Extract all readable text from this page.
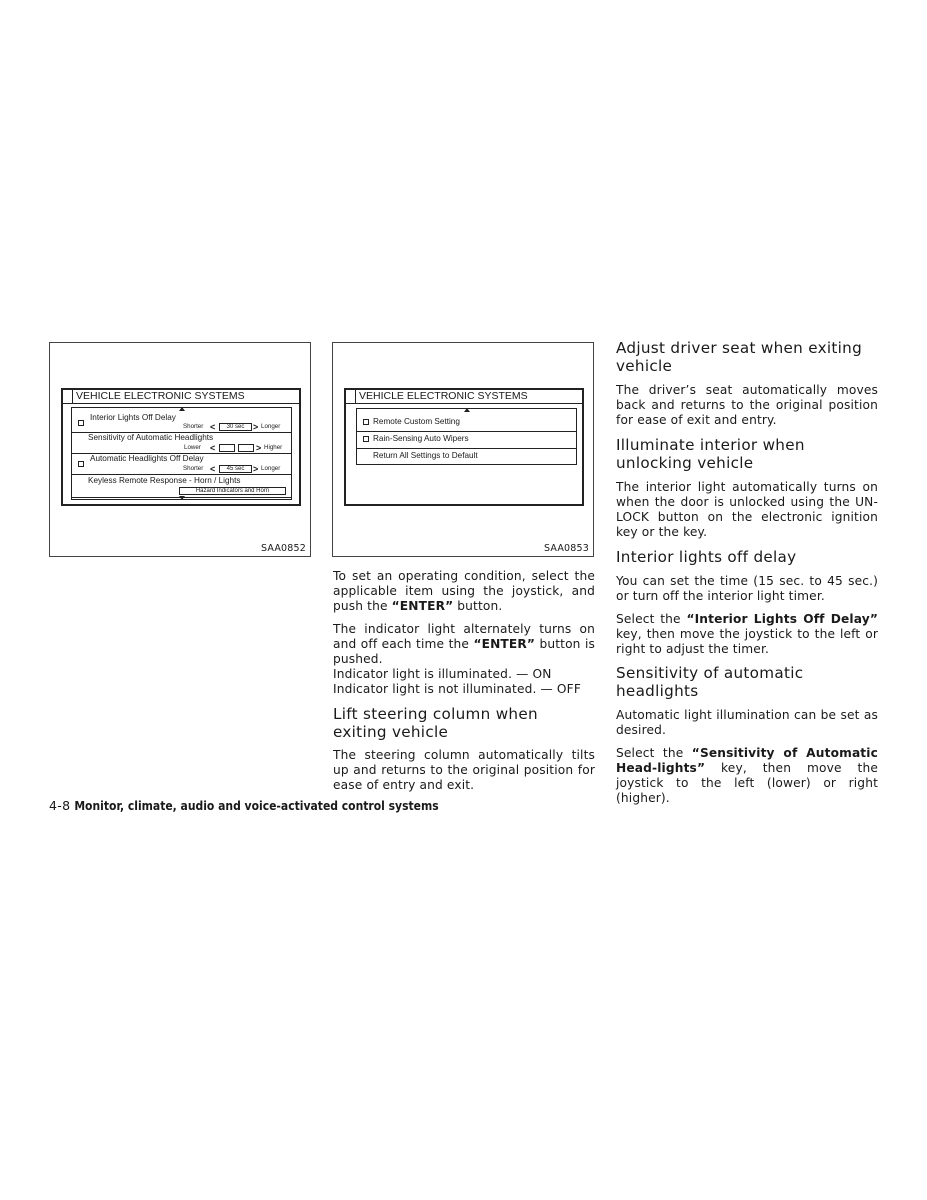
VEHICLE ELECTRONIC SYSTEMS
Interior Lights Off Delay
Shorter <	30 sec > Longer
Sensitivity of Automatic Headlights
Lower <	> Higher
Automatic Headlights Off Delay
Shorter <	45 sec > Longer
Keyless Remote Response - Horn / Lights
Hazard Indicators and Horn
SAA0852
VEHICLE ELECTRONIC SYSTEMS
Remote Custom Setting
Rain-Sensing Auto Wipers
Return All Settings to Default
SAA0853
To set an operating condition, select the applicable item using the joystick, and push the “ENTER” button.
The indicator light alternately turns on and off each time the “ENTER” button is pushed.
Indicator light is illuminated. — ON
Indicator light is not illuminated. — OFF
Lift steering column when exiting vehicle
The steering column automatically tilts up and returns to the original position for ease of entry and exit.
Adjust driver seat when exiting vehicle
The driver’s seat automatically moves back and returns to the original position for ease of exit and entry.
Illuminate interior when unlocking vehicle
The interior light automatically turns on when the door is unlocked using the UN-LOCK button on the electronic ignition key or the key.
Interior lights off delay
You can set the time (15 sec. to 45 sec.) or turn off the interior light timer.
Select the “Interior Lights Off Delay” key, then move the joystick to the left or right to adjust the timer.
Sensitivity of automatic headlights
Automatic light illumination can be set as desired.
Select the “Sensitivity of Automatic Head-lights” key, then move the joystick to the left (lower) or right (higher).
4-8 Monitor, climate, audio and voice-activated control systems
